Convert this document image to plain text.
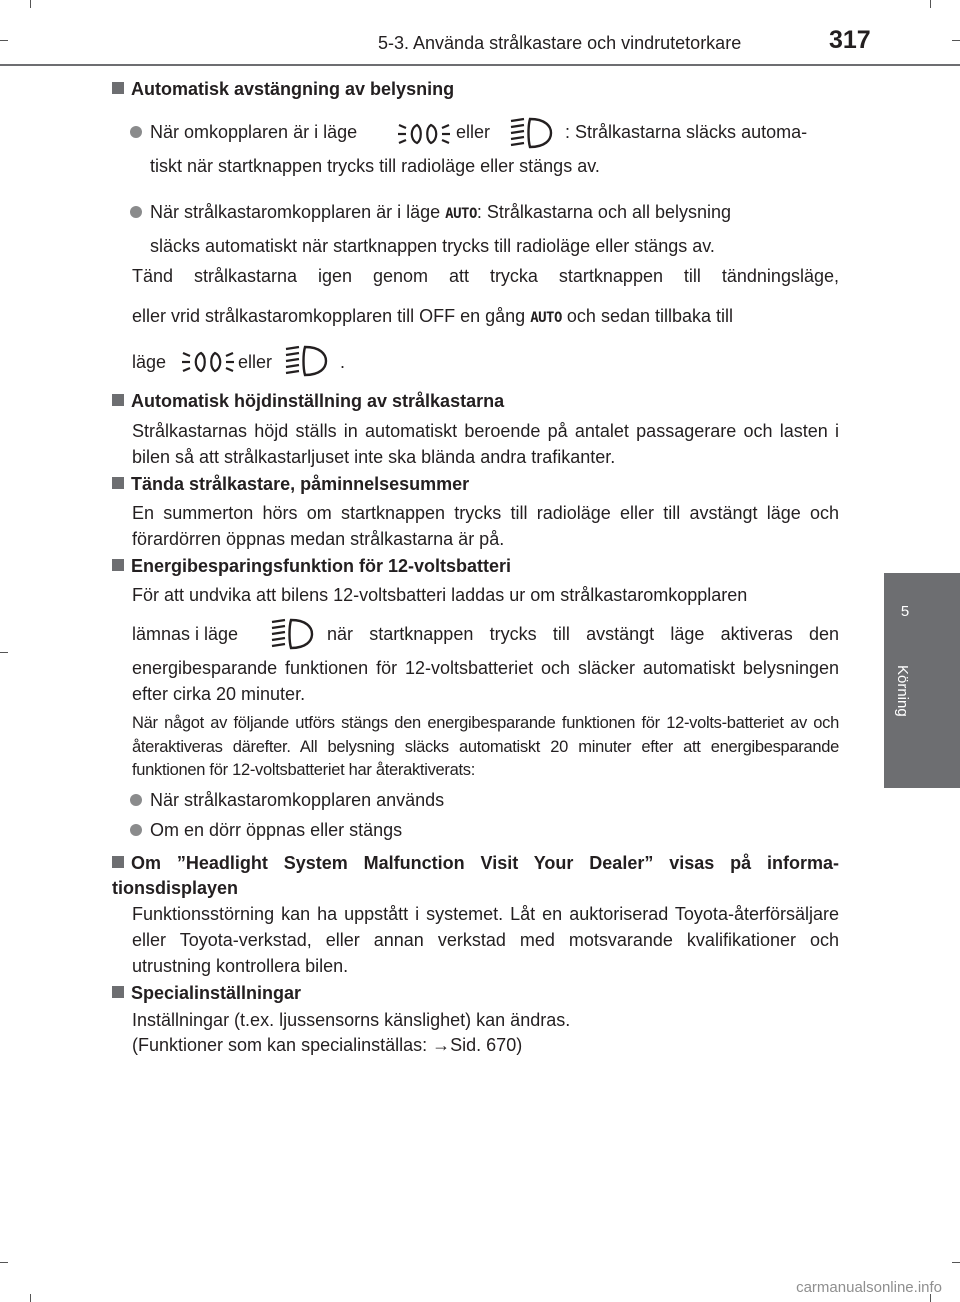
5-3. Använda strålkastare och vindrutetorkare	317
5
Körning
Automatisk avstängning av belysning
När omkopplaren är i läge	eller	: Strålkastarna släcks automa-
tiskt när startknappen trycks till radioläge eller stängs av.
När strålkastaromkopplaren är i läge AUTO: Strålkastarna och all belysning
släcks automatiskt när startknappen trycks till radioläge eller stängs av.
Tänd strålkastarna igen genom att trycka startknappen till tändningsläge,
eller vrid strålkastaromkopplaren till OFF en gång AUTO och sedan tillbaka till
läge	eller	.
Automatisk höjdinställning av strålkastarna
Strålkastarnas höjd ställs in automatiskt beroende på antalet passagerare och lasten i bilen så att strålkastarljuset inte ska blända andra trafikanter.
Tända strålkastare, påminnelsesummer
En summerton hörs om startknappen trycks till radioläge eller till avstängt läge och förardörren öppnas medan strålkastarna är på.
Energibesparingsfunktion för 12-voltsbatteri
För att undvika att bilens 12-voltsbatteri laddas ur om strålkastaromkopplaren
lämnas i läge	när startknappen trycks till avstängt läge aktiveras den
energibesparande funktionen för 12-voltsbatteriet och släcker automatiskt belysningen efter cirka 20 minuter.
När något av följande utförs stängs den energibesparande funktionen för 12-volts-batteriet av och återaktiveras därefter. All belysning släcks automatiskt 20 minuter efter att energibesparande funktionen för 12-voltsbatteriet har återaktiverats:
När strålkastaromkopplaren används
Om en dörr öppnas eller stängs
Om ”Headlight System Malfunction Visit Your Dealer” visas på informa-tionsdisplayen
Funktionsstörning kan ha uppstått i systemet. Låt en auktoriserad Toyota-återförsäljare eller Toyota-verkstad, eller annan verkstad med motsvarande kvalifikationer och utrustning kontrollera bilen.
Specialinställningar
Inställningar (t.ex. ljussensorns känslighet) kan ändras.
(Funktioner som kan specialinställas: →Sid. 670)
carmanualsonline.info
